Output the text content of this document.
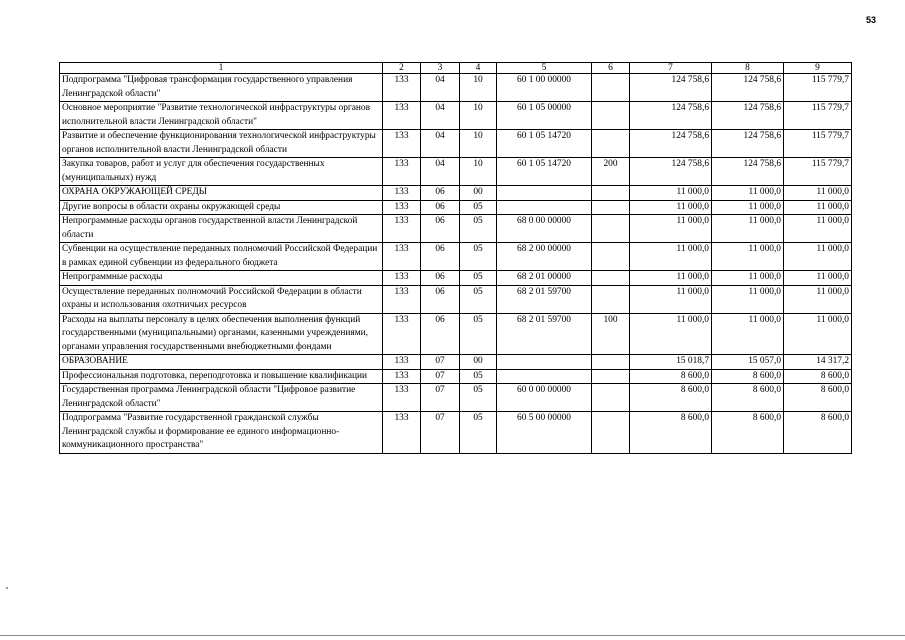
53
1	2	3	4	5	6	7	8	9
Подпрограмма "Цифровая трансформация государственного управления Ленинградской области"	133	04	10	60 1 00 00000		124 758,6	124 758,6	115 779,7
Основное мероприятие "Развитие технологической инфраструктуры органов исполнительной власти Ленинградской области"	133	04	10	60 1 05 00000		124 758,6	124 758,6	115 779,7
Развитие и обеспечение функционирования технологической инфраструктуры органов исполнительной власти Ленинградской области	133	04	10	60 1 05 14720		124 758,6	124 758,6	115 779,7
Закупка товаров, работ и услуг для обеспечения государственных (муниципальных) нужд	133	04	10	60 1 05 14720	200	124 758,6	124 758,6	115 779,7
ОХРАНА ОКРУЖАЮЩЕЙ СРЕДЫ	133	06	00			11 000,0	11 000,0	11 000,0
Другие вопросы в области охраны окружающей среды	133	06	05			11 000,0	11 000,0	11 000,0
Непрограммные расходы органов государственной власти Ленинградской области	133	06	05	68 0 00 00000		11 000,0	11 000,0	11 000,0
Субвенции на осуществление переданных полномочий Российской Федерации в рамках единой субвенции из федерального бюджета	133	06	05	68 2 00 00000		11 000,0	11 000,0	11 000,0
Непрограммные расходы	133	06	05	68 2 01 00000		11 000,0	11 000,0	11 000,0
Осуществление переданных полномочий Российской Федерации в области охраны и использования охотничьих ресурсов	133	06	05	68 2 01 59700		11 000,0	11 000,0	11 000,0
Расходы на выплаты персоналу в целях обеспечения выполнения функций государственными (муниципальными) органами, казенными учреждениями, органами управления государственными внебюджетными фондами	133	06	05	68 2 01 59700	100	11 000,0	11 000,0	11 000,0
ОБРАЗОВАНИЕ	133	07	00			15 018,7	15 057,0	14 317,2
Профессиональная подготовка, переподготовка и повышение квалификации	133	07	05			8 600,0	8 600,0	8 600,0
Государственная программа Ленинградской области "Цифровое развитие Ленинградской области"	133	07	05	60 0 00 00000		8 600,0	8 600,0	8 600,0
Подпрограмма "Развитие государственной гражданской службы Ленинградской службы и формирование ее единого информационно-коммуникационного пространства"	133	07	05	60 5 00 00000		8 600,0	8 600,0	8 600,0
